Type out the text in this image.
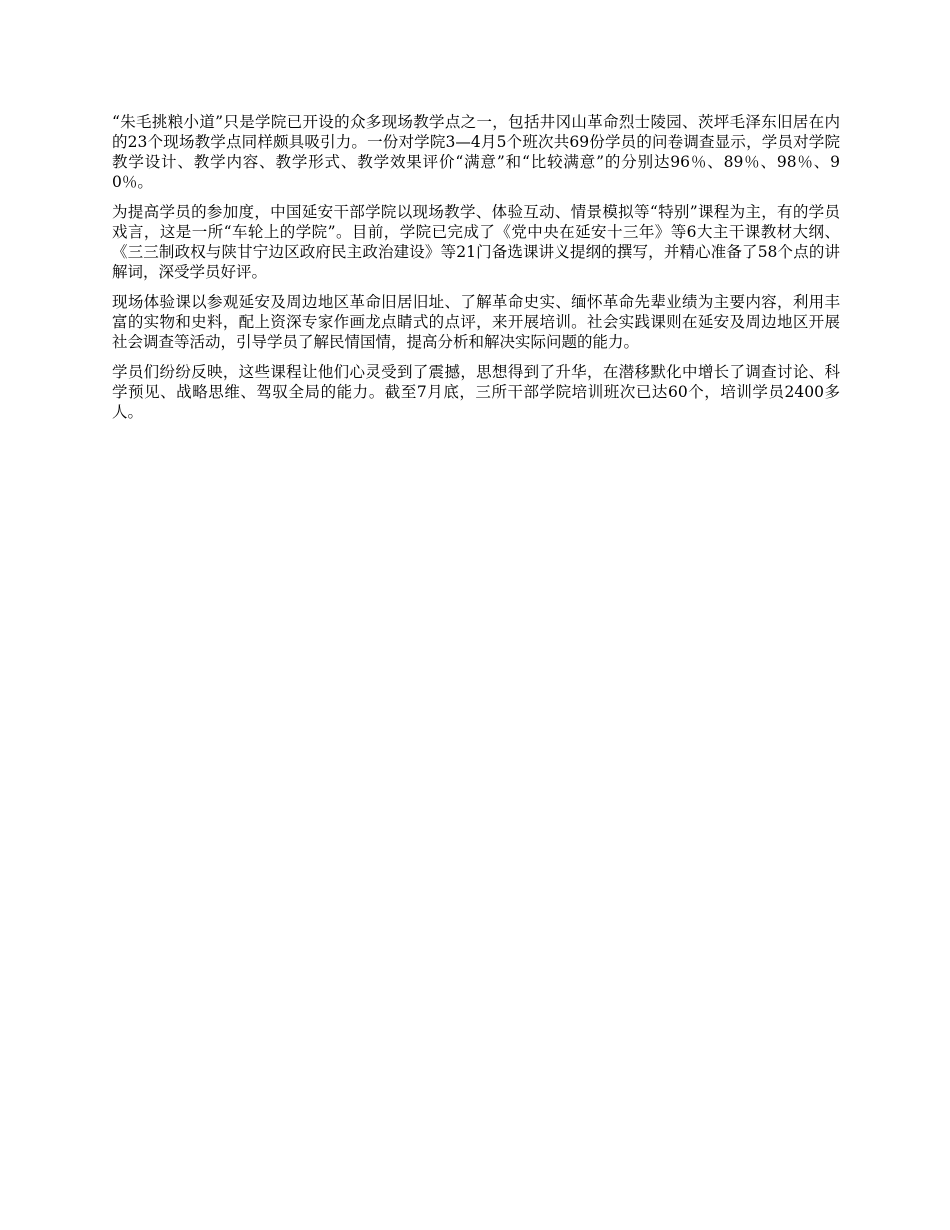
“朱毛挑粮小道”只是学院已开设的众多现场教学点之一，包括井冈山革命烈士陵园、茨坪毛泽东旧居在内的23个现场教学点同样颇具吸引力。一份对学院3—4月5个班次共69份学员的问卷调查显示，学员对学院教学设计、教学内容、教学形式、教学效果评价“满意”和“比较满意”的分别达96％、89％、98％、90％。

为提高学员的参加度，中国延安干部学院以现场教学、体验互动、情景模拟等“特别”课程为主，有的学员戏言，这是一所“车轮上的学院”。目前，学院已完成了《党中央在延安十三年》等6大主干课教材大纲、《三三制政权与陕甘宁边区政府民主政治建设》等21门备选课讲义提纲的撰写，并精心准备了58个点的讲解词，深受学员好评。

现场体验课以参观延安及周边地区革命旧居旧址、了解革命史实、缅怀革命先辈业绩为主要内容，利用丰富的实物和史料，配上资深专家作画龙点睛式的点评，来开展培训。社会实践课则在延安及周边地区开展社会调查等活动，引导学员了解民情国情，提高分析和解决实际问题的能力。

学员们纷纷反映，这些课程让他们心灵受到了震撼，思想得到了升华，在潜移默化中增长了调查讨论、科学预见、战略思维、驾驭全局的能力。截至7月底，三所干部学院培训班次已达60个，培训学员2400多人。
